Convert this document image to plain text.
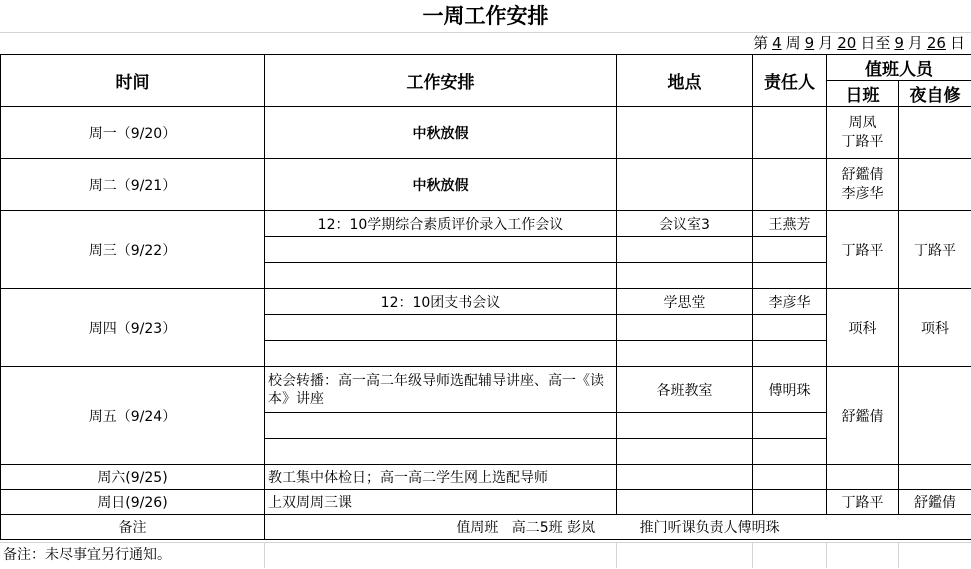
一周工作安排
第 4 周 9 月 20 日至 9 月 26 日
时间	工作安排	地点	责任人	值班人员	
				日班	夜自修
周一（9/20）	中秋放假			周凤
丁路平	

周二（9/21）	中秋放假			舒鑑倩
李彦华	

周三（9/22）	12：10学期综合素质评价录入工作会议	会议室3	王燕芳	丁路平	丁路平

周四（9/23）	12：10团支书会议	学思堂	李彦华	项科	项科

周五（9/24）	校会转播：高一高二年级导师选配辅导讲座、高一《读本》讲座	各班教室	傅明珠	舒鑑倩	

周六(9/25)	教工集中体检日；高一高二学生网上选配导师				
周日(9/26)	上双周周三课			丁路平	舒鑑倩
备注	值周班   高二5班 彭岚          推门听课负责人傅明珠				
备注：未尽事宜另行通知。
